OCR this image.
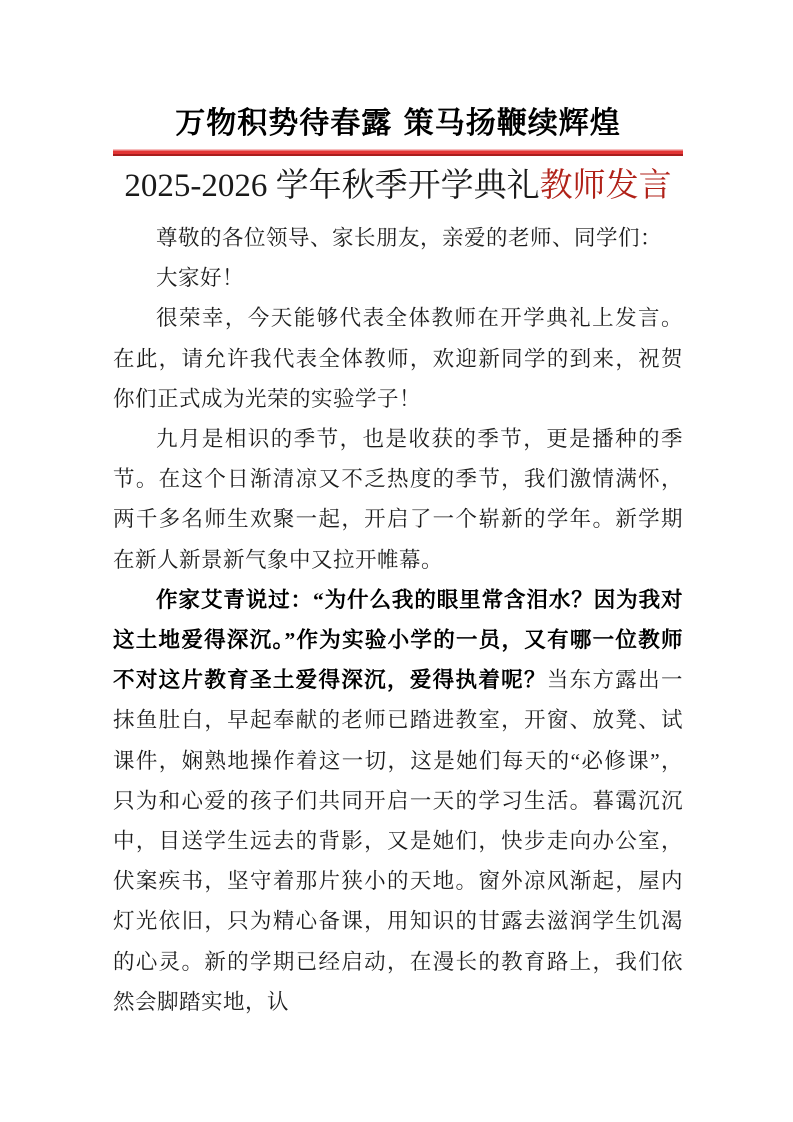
万物积势待春露 策马扬鞭续辉煌
2025-2026 学年秋季开学典礼教师发言

尊敬的各位领导、家长朋友，亲爱的老师、同学们：

大家好！

很荣幸，今天能够代表全体教师在开学典礼上发言。在此，请允许我代表全体教师，欢迎新同学的到来，祝贺你们正式成为光荣的实验学子！

九月是相识的季节，也是收获的季节，更是播种的季节。在这个日渐清凉又不乏热度的季节，我们激情满怀，两千多名师生欢聚一起，开启了一个崭新的学年。新学期在新人新景新气象中又拉开帷幕。

作家艾青说过：“为什么我的眼里常含泪水？因为我对这土地爱得深沉。”作为实验小学的一员，又有哪一位教师不对这片教育圣土爱得深沉，爱得执着呢？当东方露出一抹鱼肚白，早起奉献的老师已踏进教室，开窗、放凳、试课件，娴熟地操作着这一切，这是她们每天的“必修课”，只为和心爱的孩子们共同开启一天的学习生活。暮霭沉沉中，目送学生远去的背影，又是她们，快步走向办公室，伏案疾书，坚守着那片狭小的天地。窗外凉风渐起，屋内灯光依旧，只为精心备课，用知识的甘露去滋润学生饥渴的心灵。新的学期已经启动，在漫长的教育路上，我们依然会脚踏实地，认
